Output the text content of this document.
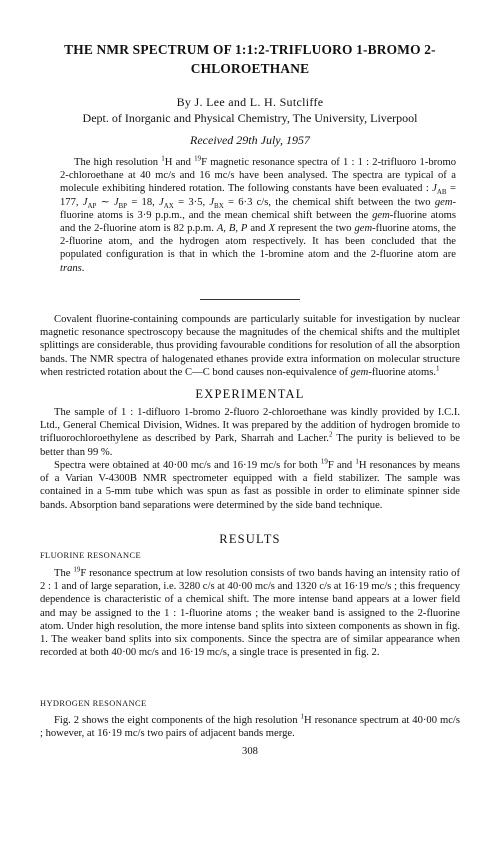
THE NMR SPECTRUM OF 1:1:2-TRIFLUORO 1-BROMO 2-CHLOROETHANE
By J. Lee and L. H. Sutcliffe
Dept. of Inorganic and Physical Chemistry, The University, Liverpool
Received 29th July, 1957

The high resolution $^1$H and $^{19}$F magnetic resonance spectra of 1 : 1 : 2-trifluoro 1-bromo 2-chloroethane at 40 mc/s and 16 mc/s have been analysed. The spectra are typical of a molecule exhibiting hindered rotation. The following constants have been evaluated : $J_{AB} = 177$, $J_{AP}$ ∼ $J_{BP} = 18$, $J_{AX} = 3\cdot 5$, $J_{BX} = 6\cdot 3$ c/s, the chemical shift between the two gem-fluorine atoms is 3·9 p.p.m., and the mean chemical shift between the gem-fluorine atoms and the 2-fluorine atom is 82 p.p.m. A, B, P and X represent the two gem-fluorine atoms, the 2-fluorine atom, and the hydrogen atom respectively. It has been concluded that the populated configuration is that in which the 1-bromine atom and the 2-fluorine atom are trans.

Covalent fluorine-containing compounds are particularly suitable for investigation by nuclear magnetic resonance spectroscopy because the magnitudes of the chemical shifts and the multiplet splittings are considerable, thus providing favourable conditions for resolution of all the absorption bands. The NMR spectra of halogenated ethanes provide extra information on molecular structure when restricted rotation about the C—C bond causes non-equivalence of gem-fluorine atoms.$^1$

EXPERIMENTAL

The sample of 1 : 1-difluoro 1-bromo 2-fluoro 2-chloroethane was kindly provided by I.C.I. Ltd., General Chemical Division, Widnes. It was prepared by the addition of hydrogen bromide to trifluorochloroethylene as described by Park, Sharrah and Lacher.$^2$ The purity is believed to be better than 99 %.

Spectra were obtained at 40·00 mc/s and 16·19 mc/s for both $^{19}$F and $^1$H resonances by means of a Varian V-4300B NMR spectrometer equipped with a field stabilizer. The sample was contained in a 5-mm tube which was spun as fast as possible in order to eliminate spinner side bands. Absorption band separations were determined by the side band technique.

RESULTS
FLUORINE RESONANCE

The $^{19}$F resonance spectrum at low resolution consists of two bands having an intensity ratio of 2 : 1 and of large separation, i.e. 3280 c/s at 40·00 mc/s and 1320 c/s at 16·19 mc/s ; this frequency dependence is characteristic of a chemical shift. The more intense band appears at a lower field and may be assigned to the 1 : 1-fluorine atoms ; the weaker band is assigned to the 2-fluorine atom. Under high resolution, the more intense band splits into sixteen components as shown in fig. 1. The weaker band splits into six components. Since the spectra are of similar appearance when recorded at both 40·00 mc/s and 16·19 mc/s, a single trace is presented in fig. 2.

HYDROGEN RESONANCE

Fig. 2 shows the eight components of the high resolution $^1$H resonance spectrum at 40·00 mc/s ; however, at 16·19 mc/s two pairs of adjacent bands merge.

308
